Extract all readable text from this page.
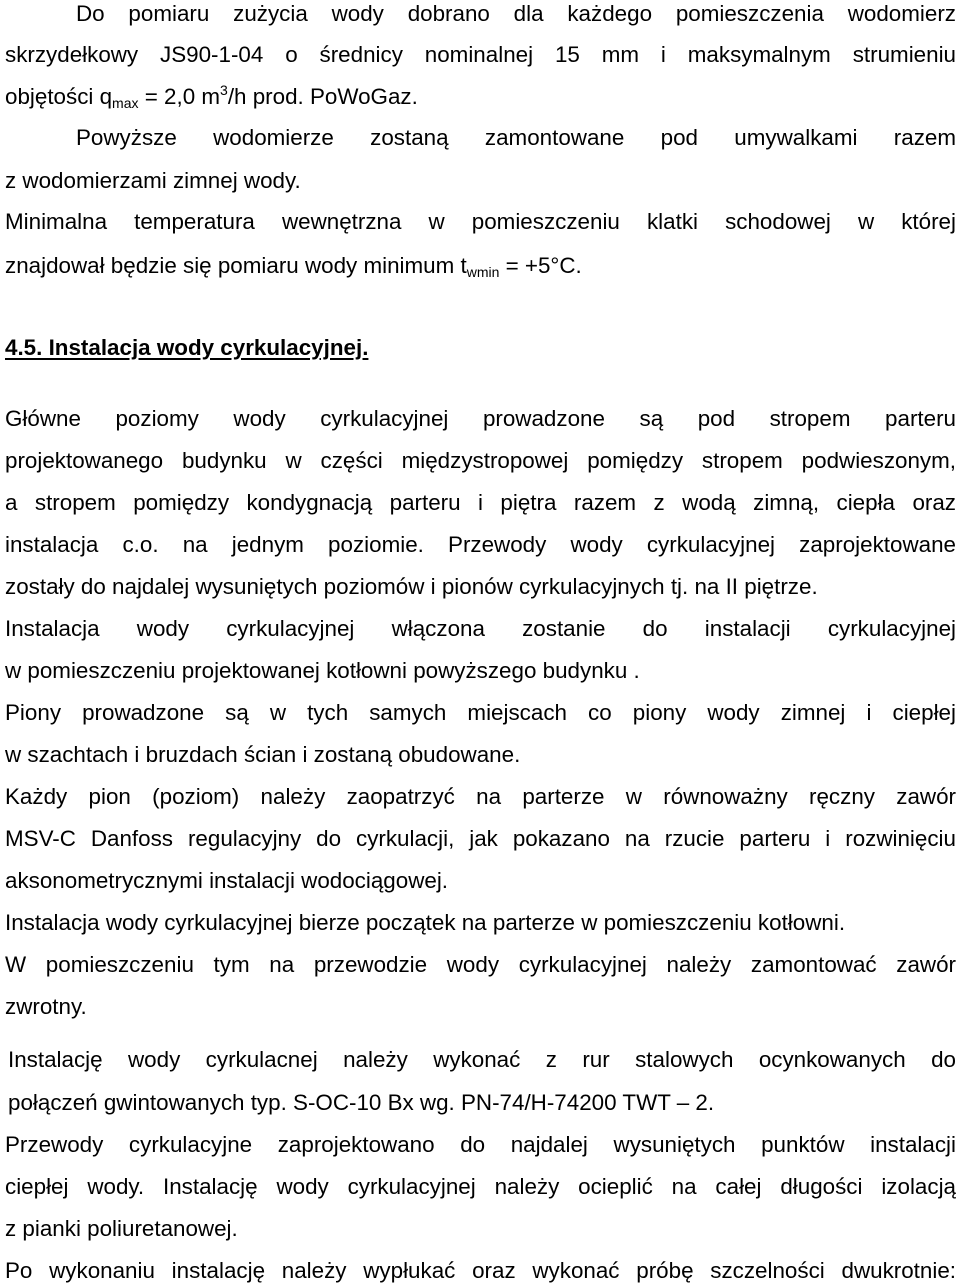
Do pomiaru zużycia wody dobrano dla każdego pomieszczenia wodomierz
skrzydełkowy JS90-1-04 o średnicy nominalnej 15 mm i maksymalnym strumieniu
objętości $q_{max} = 2,0$ $m^3/h$ prod. PoWoGaz.
Powyższe wodomierze zostaną zamontowane pod umywalkami razem
z wodomierzami zimnej wody.
Minimalna temperatura wewnętrzna w pomieszczeniu klatki schodowej w której
znajdował będzie się pomiaru wody minimum $t_{wmin} = +5^\circ C$.
4.5. Instalacja wody cyrkulacyjnej.
Główne poziomy wody cyrkulacyjnej prowadzone są pod stropem parteru
projektowanego budynku w części międzystropowej pomiędzy stropem podwieszonym,
a stropem pomiędzy kondygnacją parteru i piętra razem z wodą zimną, ciepła oraz
instalacja c.o. na jednym poziomie. Przewody wody cyrkulacyjnej zaprojektowane
zostały do najdalej wysuniętych poziomów i pionów cyrkulacyjnych tj. na II piętrze.
Instalacja wody cyrkulacyjnej włączona zostanie do instalacji cyrkulacyjnej
w pomieszczeniu projektowanej kotłowni powyższego budynku .
Piony prowadzone są w tych samych miejscach co piony wody zimnej i ciepłej
w szachtach i bruzdach ścian i zostaną obudowane.
Każdy pion (poziom) należy zaopatrzyć na parterze w równoważny ręczny zawór
MSV-C Danfoss regulacyjny do cyrkulacji, jak pokazano na rzucie parteru i rozwinięciu
aksonometrycznymi instalacji wodociągowej.
Instalacja wody cyrkulacyjnej bierze początek na parterze w pomieszczeniu kotłowni.
W pomieszczeniu tym na przewodzie wody cyrkulacyjnej należy zamontować zawór
zwrotny.
Instalację wody cyrkulacnej należy wykonać z rur stalowych ocynkowanych do
połączeń gwintowanych typ. S-OC-10 Bx wg. PN-74/H-74200 TWT – 2.
Przewody cyrkulacyjne zaprojektowano do najdalej wysuniętych punktów instalacji
ciepłej wody. Instalację wody cyrkulacyjnej należy ocieplić na całej długości izolacją
z pianki poliuretanowej.
Po wykonaniu instalację należy wypłukać oraz wykonać próbę szczelności dwukrotnie:
